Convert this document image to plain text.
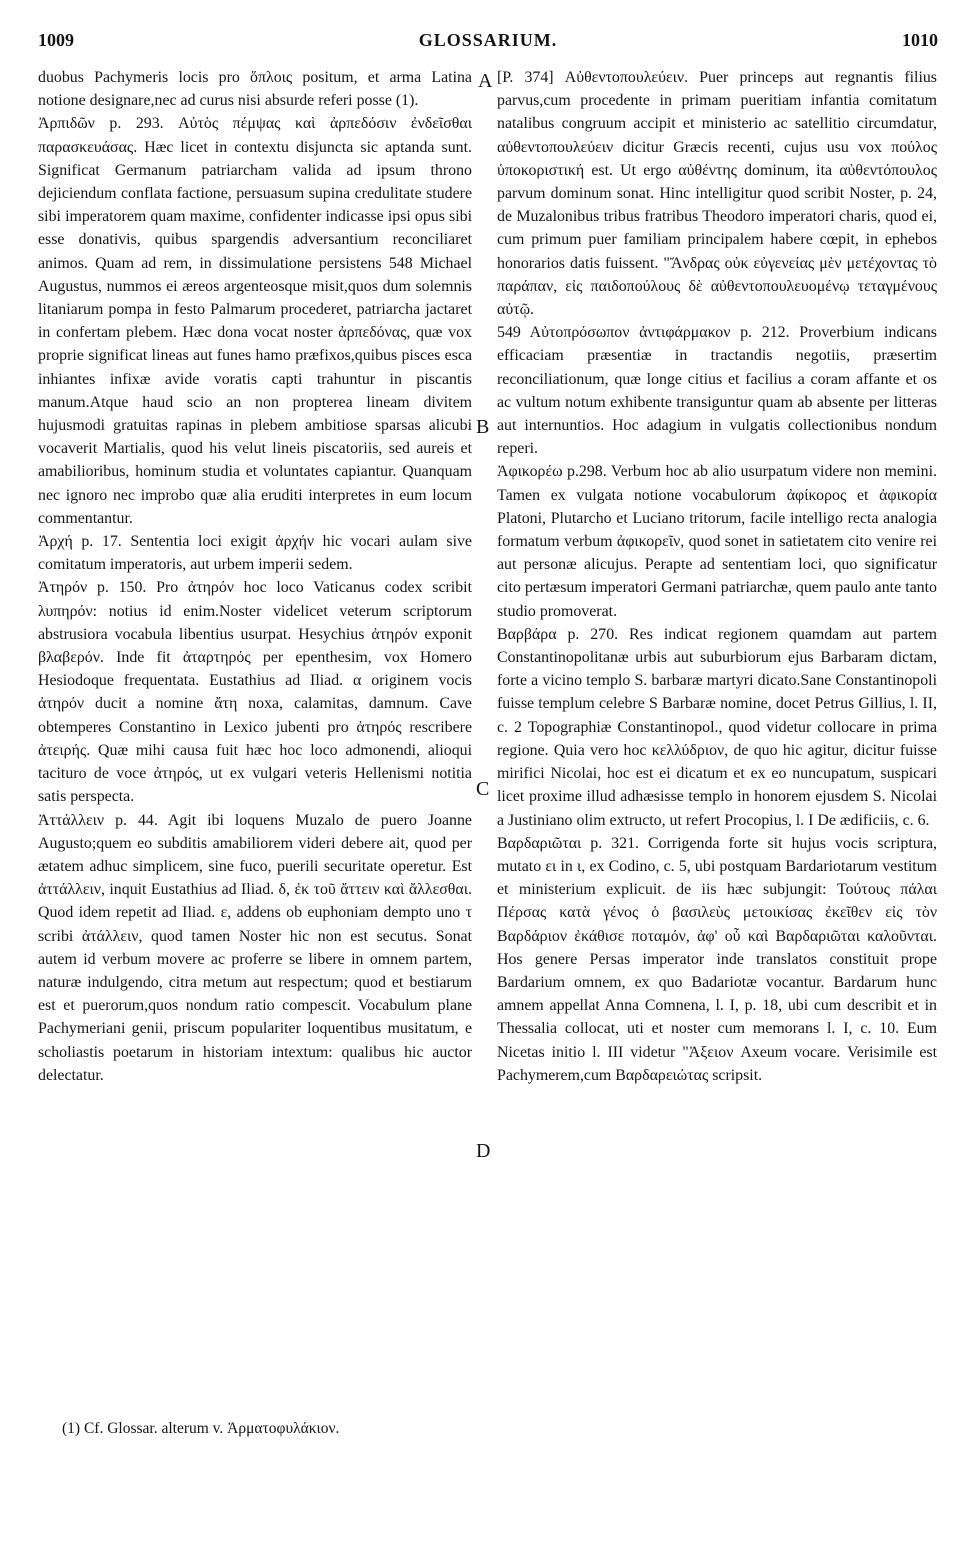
1009	GLOSSARIUM.	1010
A
B
C
D

duobus Pachymeris locis pro ὅπλοις positum, et arma Latina notione designare,nec ad curus nisi absurde referi posse (1).

Ἀρπιδῶν p. 293. Αὐτὸς πέμψας καὶ ἀρπεδόσιν ἐνδεῖσθαι παρασκευάσας. Hæc licet in contextu disjuncta sic aptanda sunt. Significat Germanum patriarcham valida ad ipsum throno dejiciendum conflata factione, persuasum supina credulitate studere sibi imperatorem quam maxime, confidenter indicasse ipsi opus sibi esse donativis, quibus spargendis adversantium reconciliaret animos. Quam ad rem, in dissimulatione persistens 548 Michael Augustus, nummos ei æreos argenteosque misit,quos dum solemnis litaniarum pompa in festo Palmarum procederet, patriarcha jactaret in confertam plebem. Hæc dona vocat noster ἀρπεδόνας, quæ vox proprie significat lineas aut funes hamo præfixos,quibus pisces esca inhiantes infixæ avide voratis capti trahuntur in piscantis manum.Atque haud scio an non propterea lineam divitem hujusmodi gratuitas rapinas in plebem ambitiose sparsas alicubi vocaverit Martialis, quod his velut lineis piscatoriis, sed aureis et amabilioribus, hominum studia et voluntates capiantur. Quanquam nec ignoro nec improbo quæ alia eruditi interpretes in eum locum commentantur.

Ἀρχή p. 17. Sententia loci exigit ἀρχήν hic vocari aulam sive comitatum imperatoris, aut urbem imperii sedem.

Ἀτηρόν p. 150. Pro ἀτηρόν hoc loco Vaticanus codex scribit λυπηρόν: notius id enim.Noster videlicet veterum scriptorum abstrusiora vocabula libentius usurpat. Hesychius ἀτηρόν exponit βλαβερόν. Inde fit ἀταρτηρός per epenthesim, vox Homero Hesiodoque frequentata. Eustathius ad Iliad. α originem vocis ἀτηρόν ducit a nomine ἄτη noxa, calamitas, damnum. Cave obtemperes Constantino in Lexico jubenti pro ἀτηρός rescribere ἀτειρής. Quæ mihi causa fuit hæc hoc loco admonendi, alioqui tacituro de voce ἀτηρός, ut ex vulgari veteris Hellenismi notitia satis perspecta.

Ἀττάλλειν p. 44. Agit ibi loquens Muzalo de puero Joanne Augusto;quem eo subditis amabiliorem videri debere ait, quod per ætatem adhuc simplicem, sine fuco, puerili securitate operetur. Est ἀττάλλειν, inquit Eustathius ad Iliad. δ, ἐκ τοῦ ἄττειν καὶ ἄλλεσθαι. Quod idem repetit ad Iliad. ε, addens ob euphoniam dempto uno τ scribi ἀτάλλειν, quod tamen Noster hic non est secutus. Sonat autem id verbum movere ac proferre se libere in omnem partem, naturæ indulgendo, citra metum aut respectum; quod et bestiarum est et puerorum,quos nondum ratio compescit. Vocabulum plane Pachymeriani genii, priscum populariter loquentibus musitatum, e scholiastis poetarum in historiam intextum: qualibus hic auctor delectatur.

[P. 374] Αὐθεντοπουλεύειν. Puer princeps aut regnantis filius parvus,cum procedente in primam pueritiam infantia comitatum natalibus congruum accipit et ministerio ac satellitio circumdatur, αὐθεντοπουλεύειν dicitur Græcis recenti, cujus usu vox πούλος ὑποκοριστική est. Ut ergo αὐθέντης dominum, ita αὐθεντόπουλος parvum dominum sonat. Hinc intelligitur quod scribit Noster, p. 24, de Muzalonibus tribus fratribus Theodoro imperatori charis, quod ei, cum primum puer familiam principalem habere cœpit, in ephebos honorarios datis fuissent. "Ἄνδρας οὐκ εὐγενείας μὲν μετέχοντας τὸ παράπαν, εἰς παιδοπούλους δὲ αὐθεντοπουλευομένῳ τεταγμένους αὐτῷ.

549 Αὐτοπρόσωπον ἀντιφάρμακον p. 212. Proverbium indicans efficaciam præsentiæ in tractandis negotiis, præsertim reconciliationum, quæ longe citius et facilius a coram affante et os ac vultum notum exhibente transiguntur quam ab absente per litteras aut internuntios. Hoc adagium in vulgatis collectionibus nondum reperi.

Ἀφικορέω p.298. Verbum hoc ab alio usurpatum videre non memini. Tamen ex vulgata notione vocabulorum ἀφίκορος et ἀφικορία Platoni, Plutarcho et Luciano tritorum, facile intelligo recta analogia formatum verbum ἀφικορεῖν, quod sonet in satietatem cito venire rei aut personæ alicujus. Perapte ad sententiam loci, quo significatur cito pertæsum imperatori Germani patriarchæ, quem paulo ante tanto studio promoverat.

Βαρβάρα p. 270. Res indicat regionem quamdam aut partem Constantinopolitanæ urbis aut suburbiorum ejus Barbaram dictam, forte a vicino templo S. barbaræ martyri dicato.Sane Constantinopoli fuisse templum celebre S Barbaræ nomine, docet Petrus Gillius, l. II, c. 2 Topographiæ Constantinopol., quod videtur collocare in prima regione. Quia vero hoc κελλύδριον, de quo hic agitur, dicitur fuisse mirifici Nicolai, hoc est ei dicatum et ex eo nuncupatum, suspicari licet proxime illud adhæsisse templo in honorem ejusdem S. Nicolai a Justiniano olim extructo, ut refert Procopius, l. I De ædificiis, c. 6.

Βαρδαριῶται p. 321. Corrigenda forte sit hujus vocis scriptura, mutato ει in ι, ex Codino, c. 5, ubi postquam Bardariotarum vestitum et ministerium explicuit. de iis hæc subjungit: Τούτους πάλαι Πέρσας κατὰ γένος ὁ βασιλεὺς μετοικίσας ἐκεῖθεν εἰς τὸν Βαρδάριον ἐκάθισε ποταμόν, ἀφ' οὗ καὶ Βαρδαριῶται καλοῦνται. Hos genere Persas imperator inde translatos constituit prope Bardarium omnem, ex quo Badariotæ vocantur. Bardarum hunc amnem appellat Anna Comnena, l. I, p. 18, ubi cum describit et in Thessalia collocat, uti et noster cum memorans l. I, c. 10. Eum Nicetas initio l. III videtur "Ἀξειον Axeum vocare. Verisimile est Pachymerem,cum Βαρδαρειώτας scripsit.

(1) Cf. Glossar. alterum v. Ἀρματοφυλάκιον.
